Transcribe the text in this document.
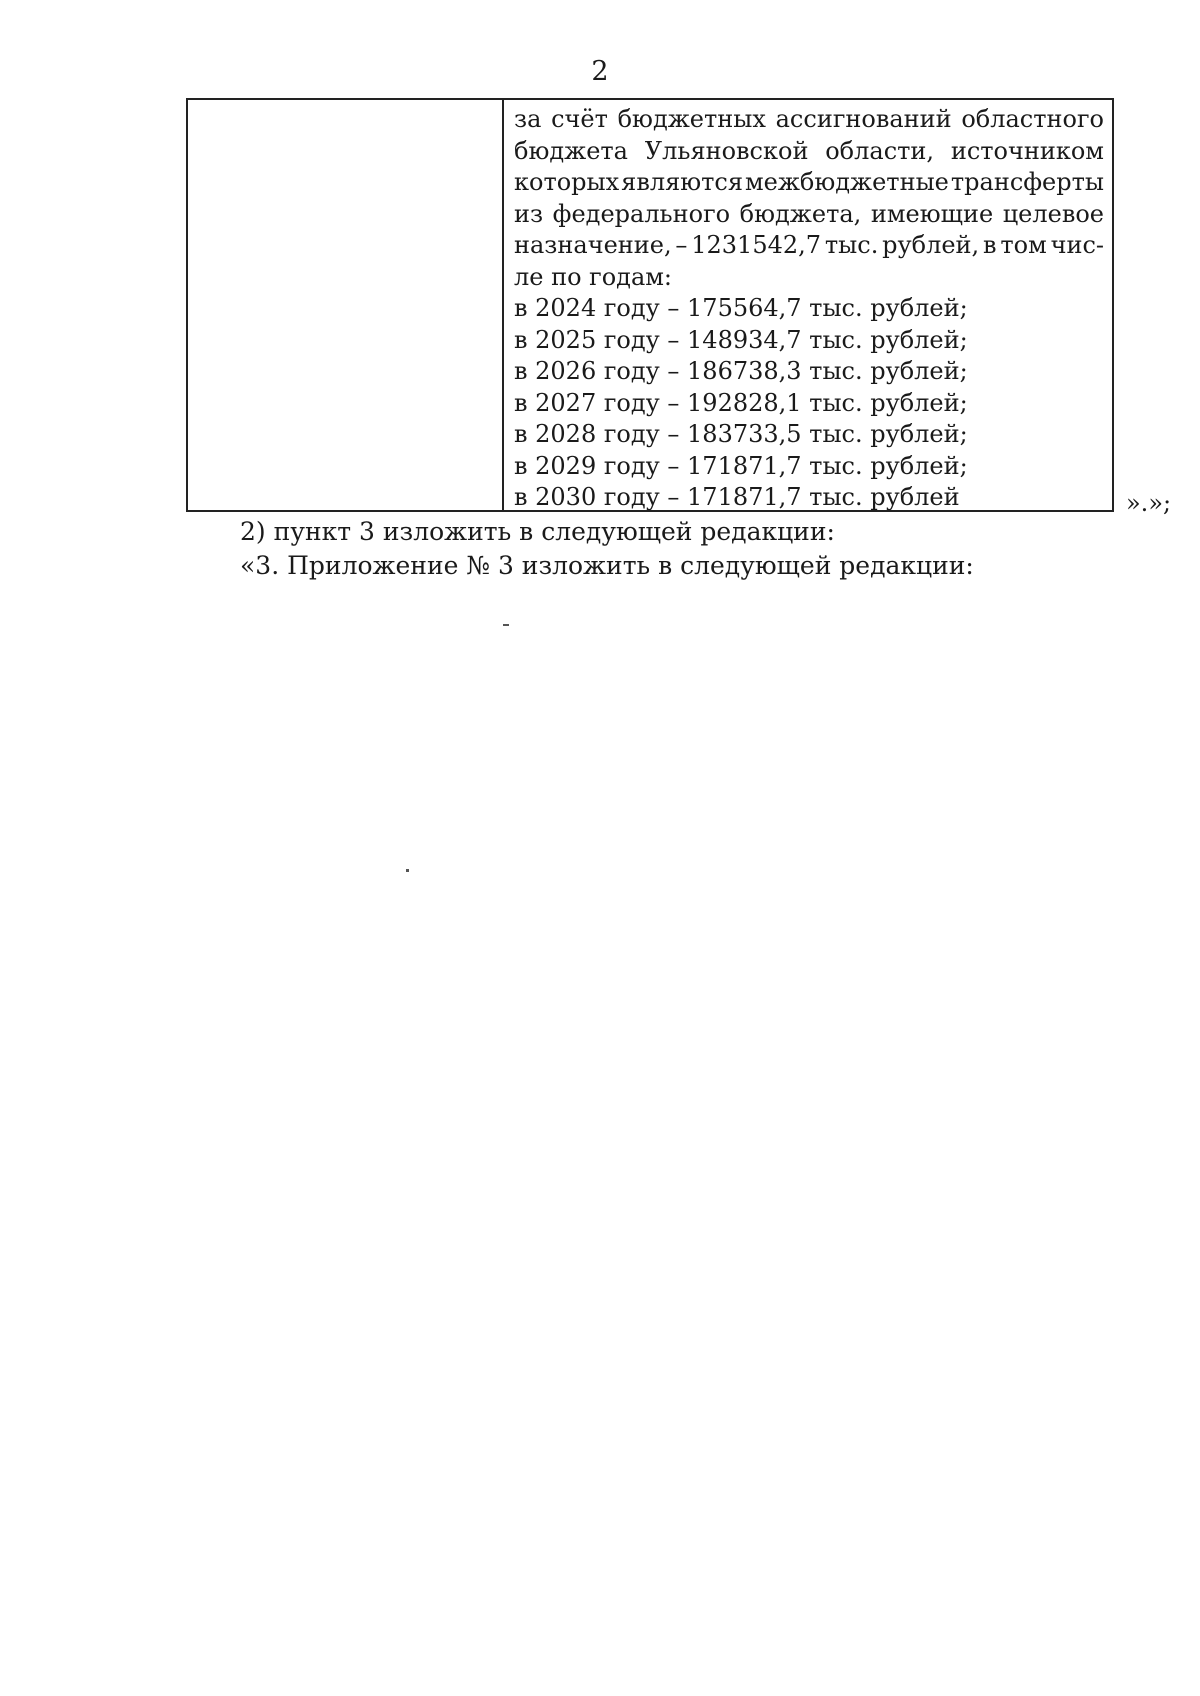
2
за счёт бюджетных ассигнований областного
бюджета Ульяновской области, источником
которых являются межбюджетные трансферты
из федерального бюджета, имеющие целевое
назначение, – 1231542,7 тыс. рублей, в том чис-
ле по годам:
в 2024 году – 175564,7 тыс. рублей;
в 2025 году – 148934,7 тыс. рублей;
в 2026 году – 186738,3 тыс. рублей;
в 2027 году – 192828,1 тыс. рублей;
в 2028 году – 183733,5 тыс. рублей;
в 2029 году – 171871,7 тыс. рублей;
в 2030 году – 171871,7 тыс. рублей	».»;
2) пункт 3 изложить в следующей редакции:
«3. Приложение № 3 изложить в следующей редакции:
